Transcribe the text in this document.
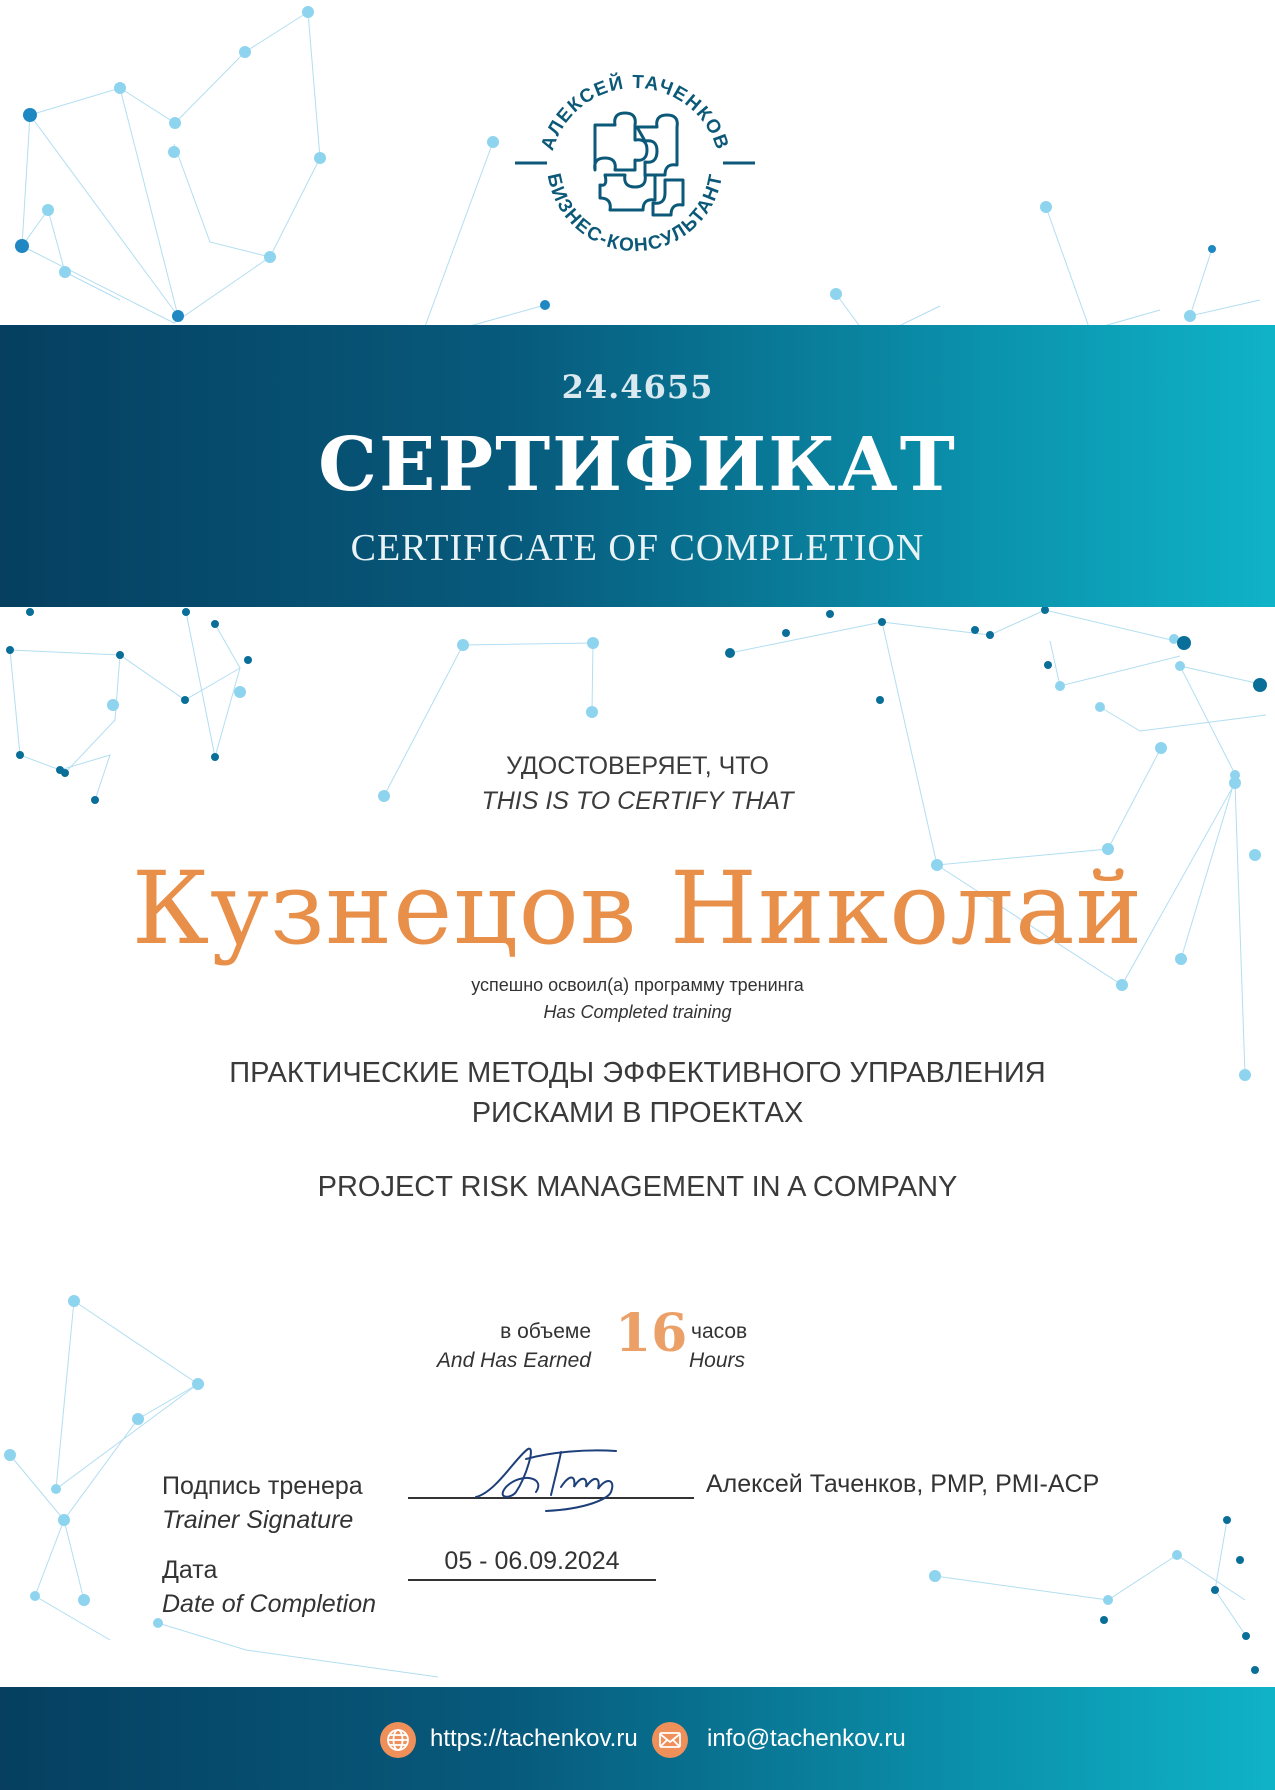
АЛЕКСЕЙ ТАЧЕНКОВ
БИЗНЕС-КОНСУЛЬТАНТ
24.4655
СЕРТИФИКАТ
CERTIFICATE OF COMPLETION
УДОСТОВЕРЯЕТ, ЧТО
THIS IS TO CERTIFY THAT
Кузнецов Николай
успешно освоил(а) программу тренинга
Has Completed training
ПРАКТИЧЕСКИЕ МЕТОДЫ ЭФФЕКТИВНОГО УПРАВЛЕНИЯ
РИСКАМИ В ПРОЕКТАХ
PROJECT RISK MANAGEMENT IN A COMPANY
в объеме
And Has Earned 16 часов
Hours
Подпись тренера
Trainer Signature
Алексей Таченков, PMP, PMI-ACP
Дата
Date of Completion
05 - 06.09.2024
https://tachenkov.ru	info@tachenkov.ru
